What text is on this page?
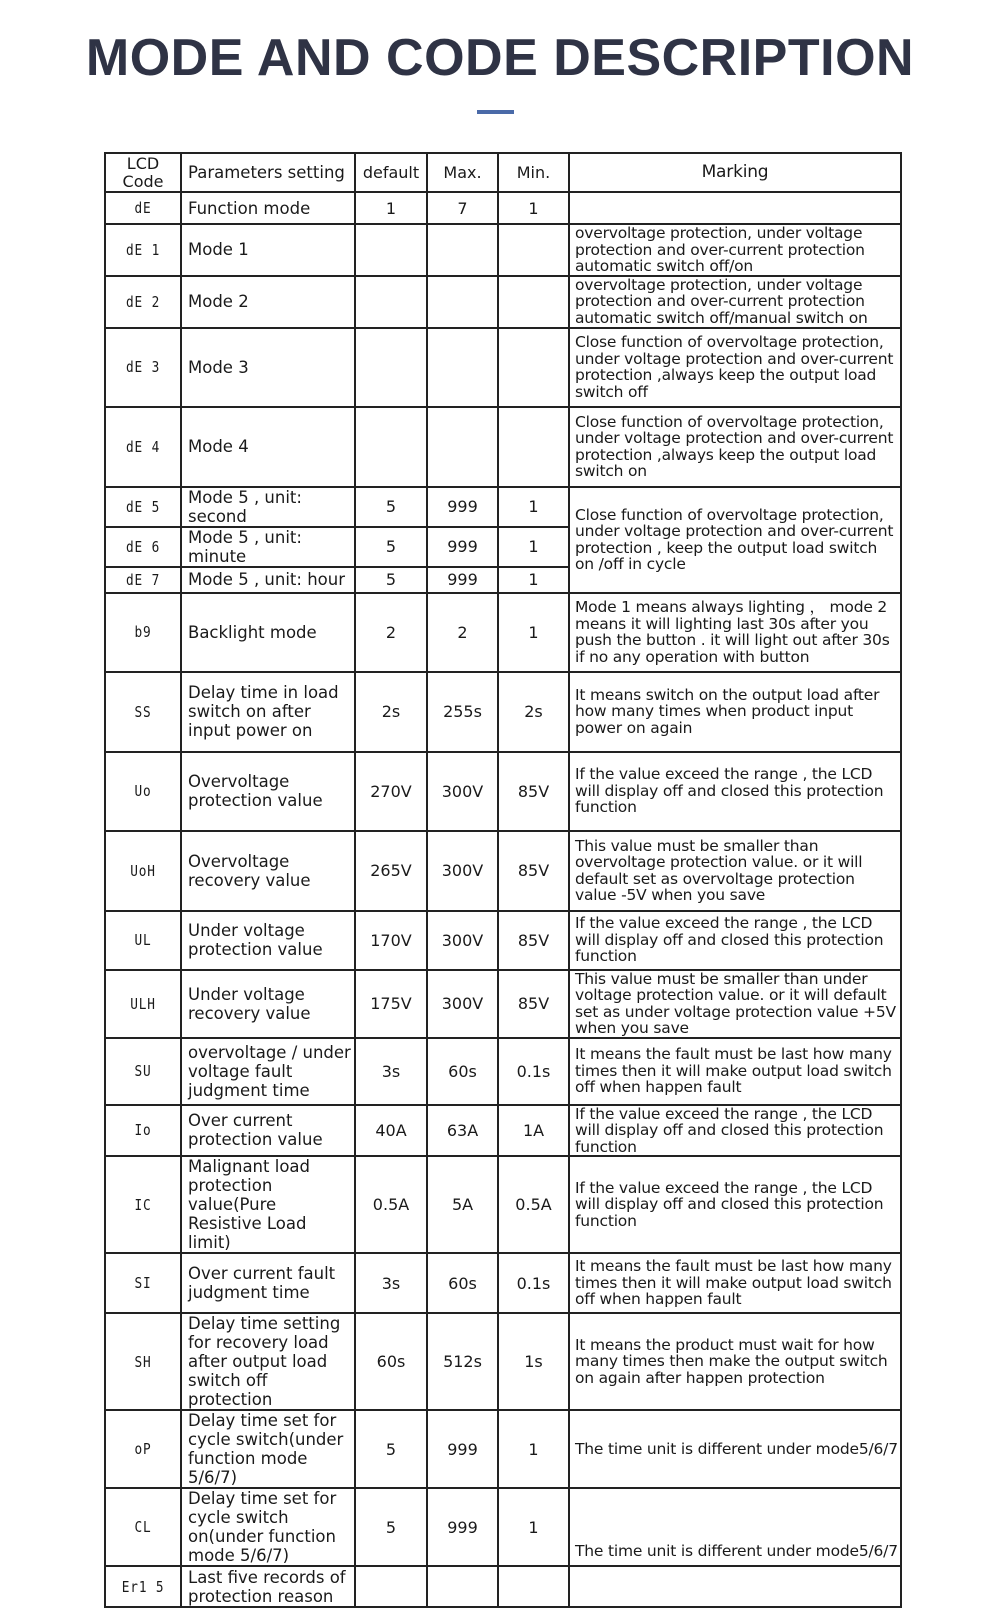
MODE AND CODE DESCRIPTION
LCD Code	Parameters setting	default	Max.	Min.	Marking
dE	Function mode	1	7	1	
dE 1	Mode 1				overvoltage protection, under voltage protection and over-current protection automatic switch off/on
dE 2	Mode 2				overvoltage protection, under voltage protection and over-current protection automatic switch off/manual switch on
dE 3	Mode 3				Close function of overvoltage protection, under voltage protection and over-current protection ,always keep the output load switch off
dE 4	Mode 4				Close function of overvoltage protection, under voltage protection and over-current protection ,always keep the output load switch on
dE 5	Mode 5 , unit: second	5	999	1	Close function of overvoltage protection, under voltage protection and over-current protection , keep the output load switch on /off in cycle
dE 6	Mode 5 , unit: minute	5	999	1	
dE 7	Mode 5 , unit: hour	5	999	1	
b9	Backlight mode	2	2	1	Mode 1 means always lighting ， mode 2 means it will lighting last 30s after you push the button . it will light out after 30s if no any operation with button
SS	Delay time in load switch on after input power on	2s	255s	2s	It means switch on the output load after how many times when product input power on again
Uo	Overvoltage protection value	270V	300V	85V	If the value exceed the range , the LCD will display off and closed this protection function
UoH	Overvoltage recovery value	265V	300V	85V	This value must be smaller than overvoltage protection value. or it will default set as overvoltage protection value -5V when you save
UL	Under voltage protection value	170V	300V	85V	If the value exceed the range , the LCD will display off and closed this protection function
ULH	Under voltage recovery value	175V	300V	85V	This value must be smaller than under voltage protection value. or it will default set as under voltage protection value +5V when you save
SU	overvoltage / under voltage fault judgment time	3s	60s	0.1s	It means the fault must be last how many times then it will make output load switch off when happen fault
Io	Over current protection value	40A	63A	1A	If the value exceed the range , the LCD will display off and closed this protection function
IC	Malignant load protection value(Pure Resistive Load limit)	0.5A	5A	0.5A	If the value exceed the range , the LCD will display off and closed this protection function
SI	Over current fault judgment time	3s	60s	0.1s	It means the fault must be last how many times then it will make output load switch off when happen fault
SH	Delay time setting for recovery load after output load switch off protection	60s	512s	1s	It means the product must wait for how many times then make the output switch on again after happen protection
oP	Delay time set for cycle switch(under function mode 5/6/7)	5	999	1	The time unit is different under mode5/6/7
CL	Delay time set for cycle switch on(under function mode 5/6/7)	5	999	1	The time unit is different under mode5/6/7
Er1 5	Last five records of protection reason				
